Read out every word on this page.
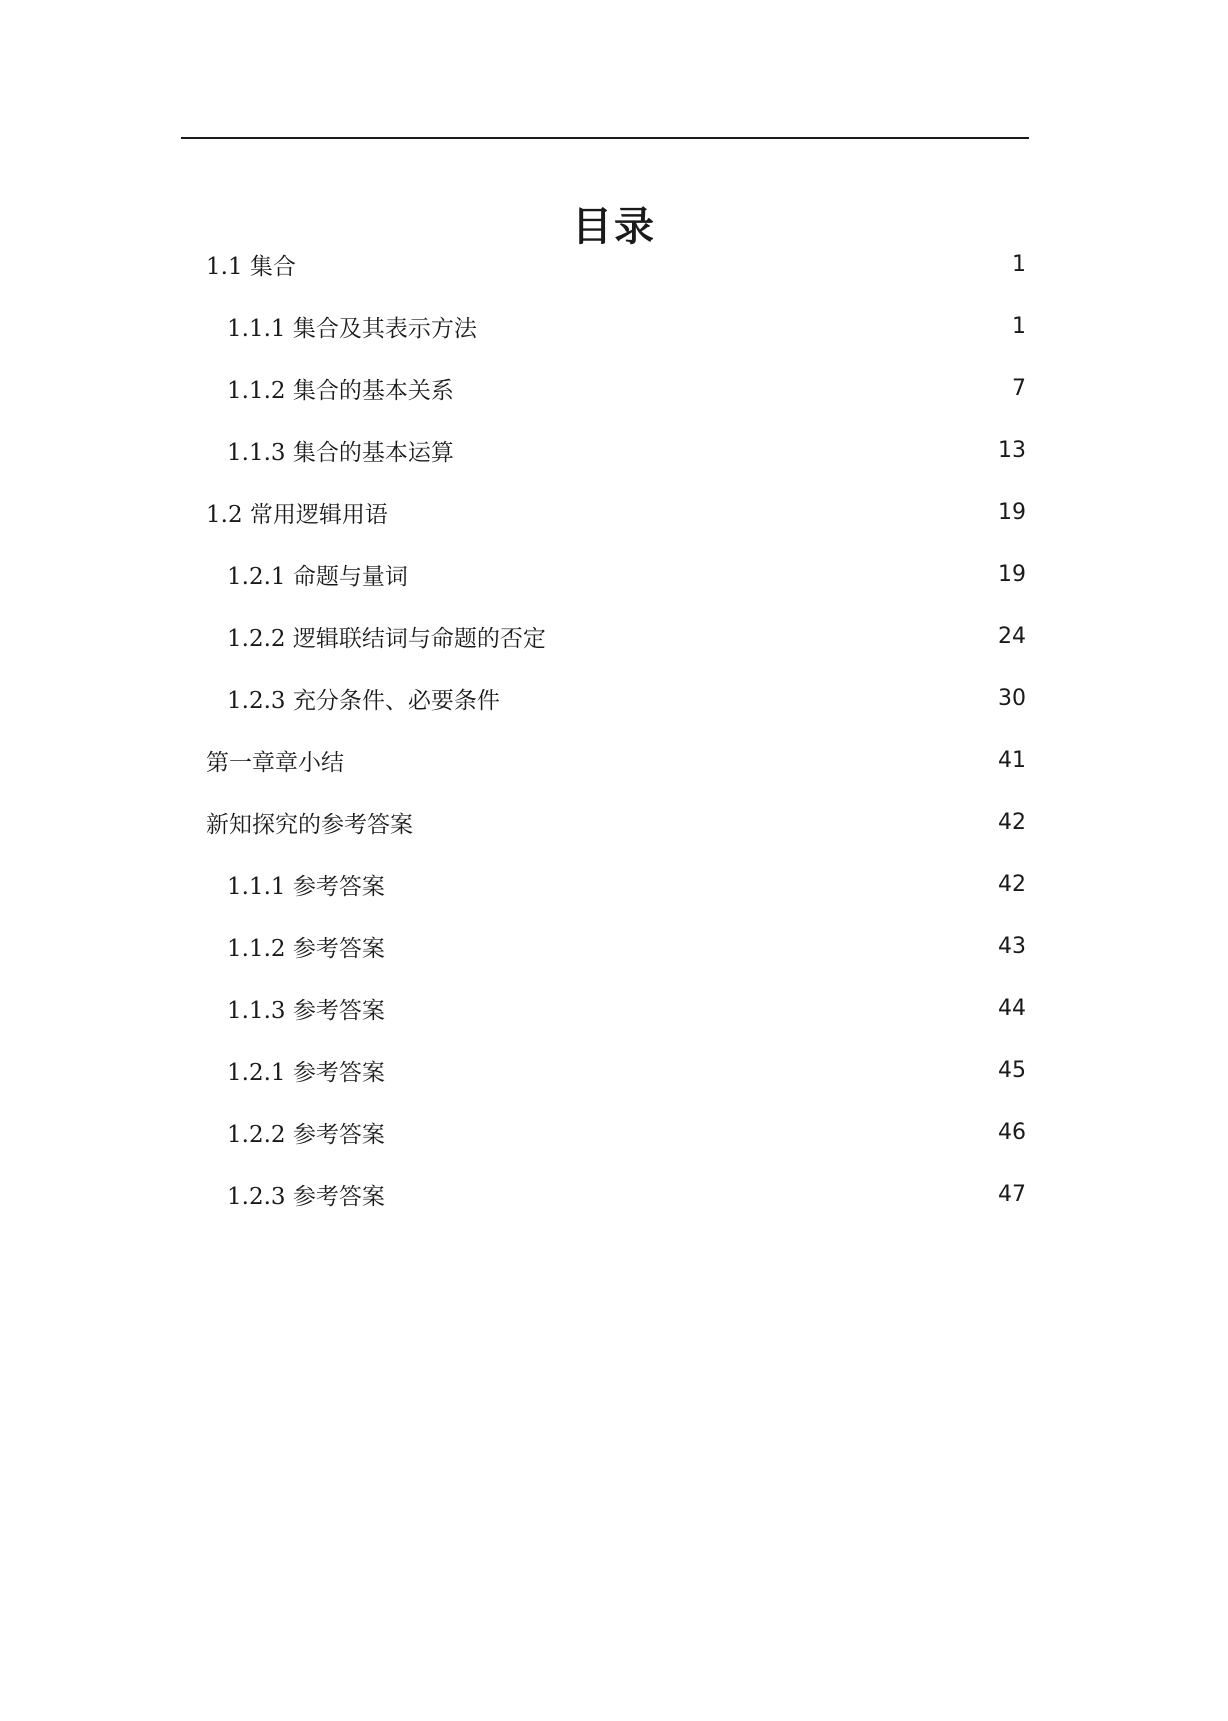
目录
1.1 集合	1
1.1.1 集合及其表示方法	1
1.1.2 集合的基本关系	7
1.1.3 集合的基本运算	13
1.2 常用逻辑用语	19
1.2.1 命题与量词	19
1.2.2 逻辑联结词与命题的否定	24
1.2.3 充分条件、必要条件	30
第一章章小结	41
新知探究的参考答案	42
1.1.1 参考答案	42
1.1.2 参考答案	43
1.1.3 参考答案	44
1.2.1 参考答案	45
1.2.2 参考答案	46
1.2.3 参考答案	47
